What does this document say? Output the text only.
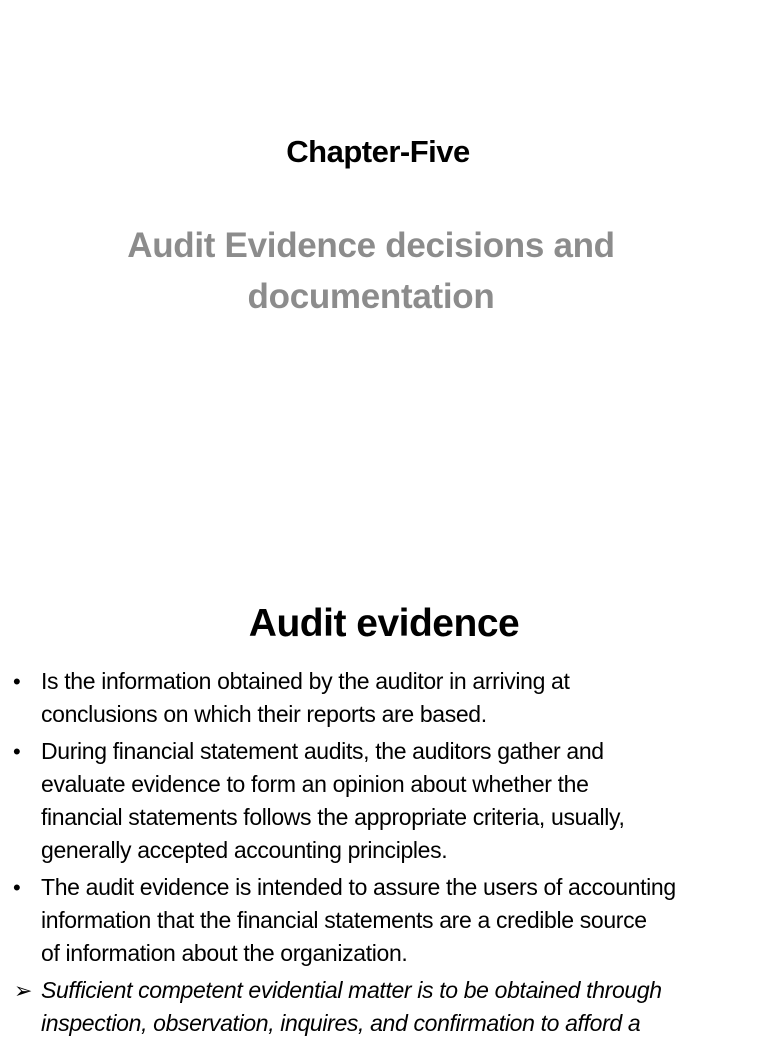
Chapter-Five
Audit Evidence decisions and
documentation
Audit evidence
• Is the information obtained by the auditor in arriving at
conclusions on which their reports are based.
• During financial statement audits, the auditors gather and
evaluate evidence to form an opinion about whether the
financial statements follows the appropriate criteria, usually,
generally accepted accounting principles.
• The audit evidence is intended to assure the users of accounting
information that the financial statements are a credible source
of information about the organization.
➢ Sufficient competent evidential matter is to be obtained through
inspection, observation, inquires, and confirmation to afford a
